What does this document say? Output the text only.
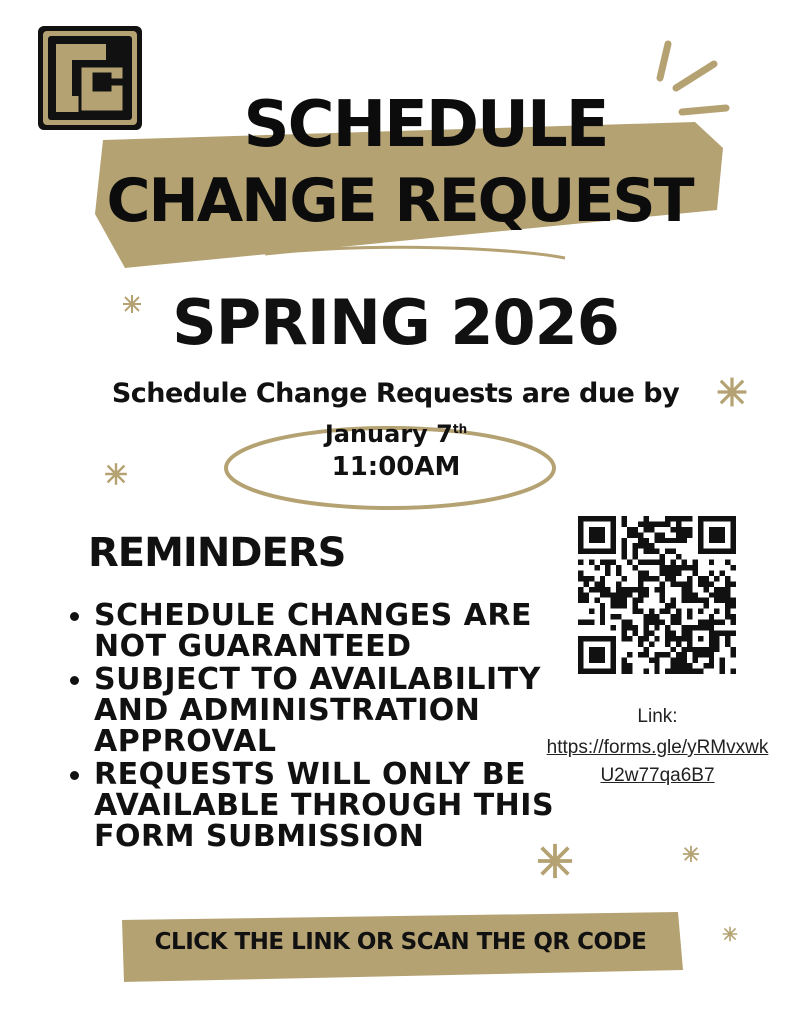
SCHEDULE
CHANGE REQUEST
SPRING 2026
Schedule Change Requests are due by
January 7th
11:00AM
REMINDERS
SCHEDULE CHANGES ARE NOT GUARANTEED
SUBJECT TO AVAILABILITY AND ADMINISTRATION APPROVAL
REQUESTS WILL ONLY BE AVAILABLE THROUGH THIS FORM SUBMISSION
Link:
https://forms.gle/yRMvxwkU2w77qa6B7
CLICK THE LINK OR SCAN THE QR CODE
